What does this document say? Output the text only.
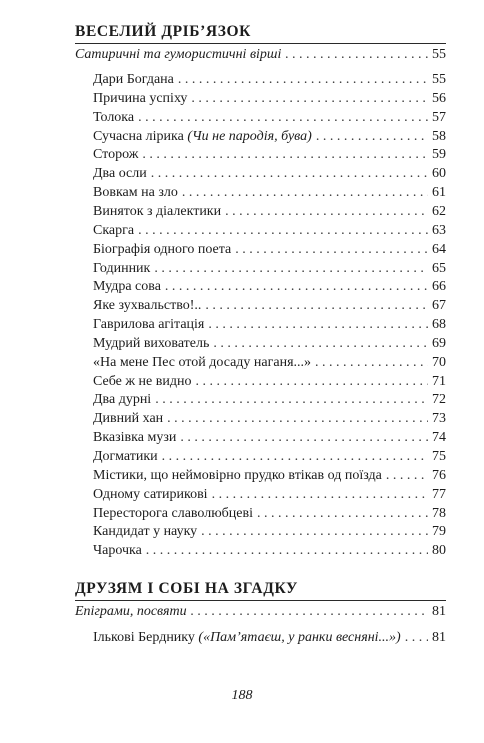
ВЕСЕЛИЙ ДРІБ’ЯЗОК
Сатиричні та гумористичні вірші . . .	55
Дари Богдана . . .	55
Причина успіху . . .	56
Толока . . .	57
Сучасна лірика (Чи не пародія, бува) . . .	58
Сторож . . .	59
Два осли . . .	60
Вовкам на зло . . .	61
Виняток з діалектики . . .	62
Скарга . . .	63
Біографія одного поета . . .	64
Годинник . . .	65
Мудра сова . . .	66
Яке зухвальство!.. . . .	67
Гаврилова агітація . . .	68
Мудрий вихователь . . .	69
«На мене Пес отой досаду наганя...» . . .	70
Себе ж не видно . . .	71
Два дурні . . .	72
Дивний хан . . .	73
Вказівка музи . . .	74
Догматики . . .	75
Містики, що неймовірно прудко втікав од поїзда . . .	76
Одному сатирикові . . .	77
Пересторога славолюбцеві . . .	78
Кандидат у науку . . .	79
Чарочка . . .	80
ДРУЗЯМ І СОБІ НА ЗГАДКУ
Епіграми, посвяти . . .	81
Ільковi Берднику («Пам’ятаєш, у ранки весняні...») . . . 81
188
